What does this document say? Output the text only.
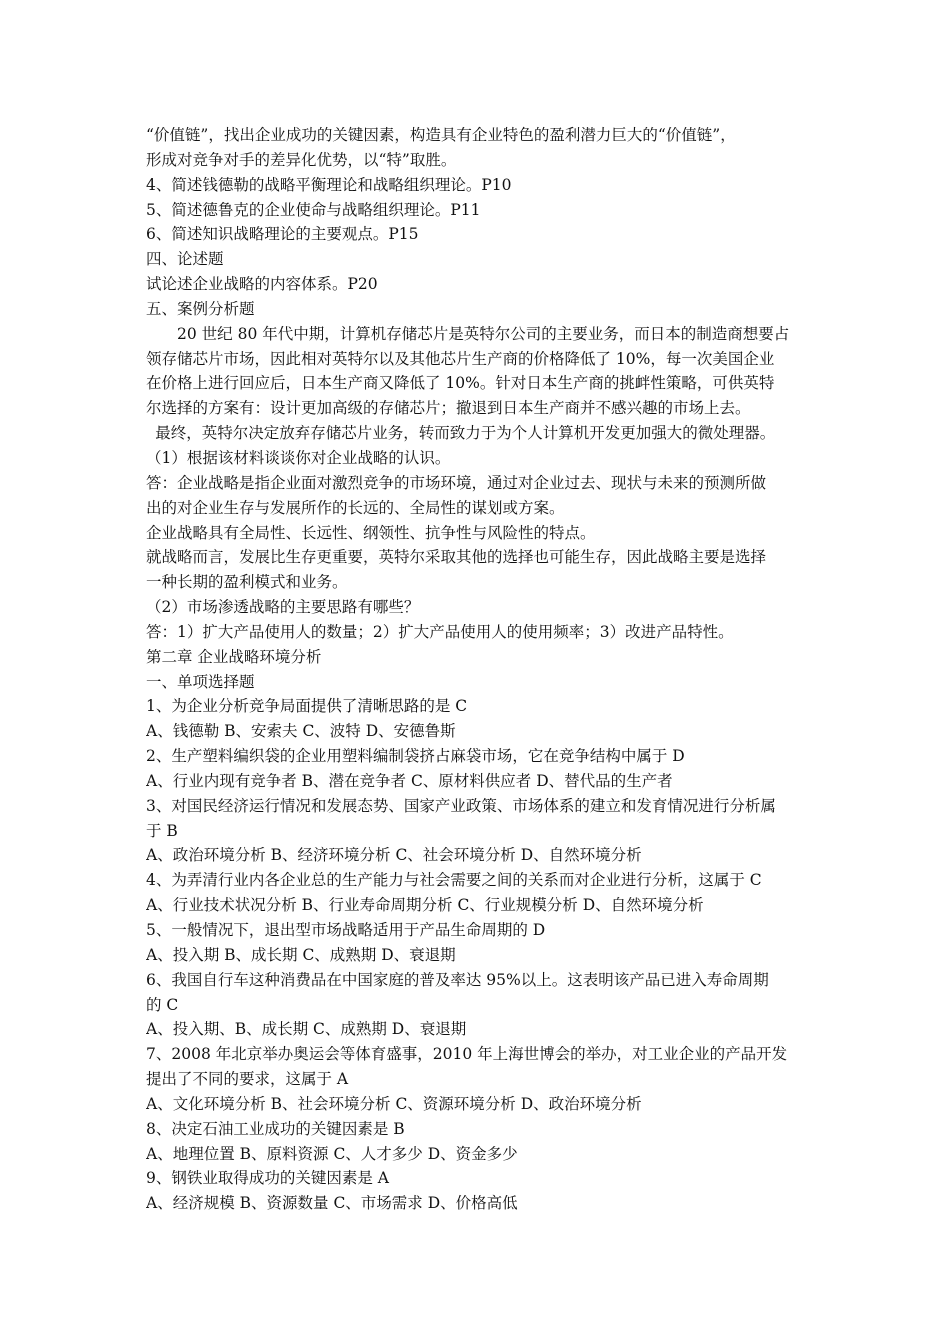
“价值链”，找出企业成功的关键因素，构造具有企业特色的盈利潜力巨大的“价值链”，
形成对竞争对手的差异化优势，以“特”取胜。
4、简述钱德勒的战略平衡理论和战略组织理论。P10
5、简述德鲁克的企业使命与战略组织理论。P11
6、简述知识战略理论的主要观点。P15
四、论述题
试论述企业战略的内容体系。P20
五、案例分析题
20 世纪 80 年代中期，计算机存储芯片是英特尔公司的主要业务，而日本的制造商想要占
领存储芯片市场，因此相对英特尔以及其他芯片生产商的价格降低了 10%，每一次美国企业
在价格上进行回应后，日本生产商又降低了 10%。针对日本生产商的挑衅性策略，可供英特
尔选择的方案有：设计更加高级的存储芯片；撤退到日本生产商并不感兴趣的市场上去。
最终，英特尔决定放弃存储芯片业务，转而致力于为个人计算机开发更加强大的微处理器。
（1）根据该材料谈谈你对企业战略的认识。
答：企业战略是指企业面对激烈竞争的市场环境，通过对企业过去、现状与未来的预测所做
出的对企业生存与发展所作的长远的、全局性的谋划或方案。
企业战略具有全局性、长远性、纲领性、抗争性与风险性的特点。
就战略而言，发展比生存更重要，英特尔采取其他的选择也可能生存，因此战略主要是选择
一种长期的盈利模式和业务。
（2）市场渗透战略的主要思路有哪些？
答：1）扩大产品使用人的数量；2）扩大产品使用人的使用频率；3）改进产品特性。
第二章 企业战略环境分析
一、单项选择题
1、为企业分析竞争局面提供了清晰思路的是 C
A、钱德勒 B、安索夫 C、波特 D、安德鲁斯
2、生产塑料编织袋的企业用塑料编制袋挤占麻袋市场，它在竞争结构中属于 D
A、行业内现有竞争者 B、潜在竞争者 C、原材料供应者 D、替代品的生产者
3、对国民经济运行情况和发展态势、国家产业政策、市场体系的建立和发育情况进行分析属
于 B
A、政治环境分析 B、经济环境分析 C、社会环境分析 D、自然环境分析
4、为弄清行业内各企业总的生产能力与社会需要之间的关系而对企业进行分析，这属于 C
A、行业技术状况分析 B、行业寿命周期分析 C、行业规模分析 D、自然环境分析
5、一般情况下，退出型市场战略适用于产品生命周期的 D
A、投入期 B、成长期 C、成熟期 D、衰退期
6、我国自行车这种消费品在中国家庭的普及率达 95%以上。这表明该产品已进入寿命周期
的 C
A、投入期、B、成长期 C、成熟期 D、衰退期
7、2008 年北京举办奥运会等体育盛事，2010 年上海世博会的举办，对工业企业的产品开发
提出了不同的要求，这属于 A
A、文化环境分析 B、社会环境分析 C、资源环境分析 D、政治环境分析
8、决定石油工业成功的关键因素是 B
A、地理位置 B、原料资源 C、人才多少 D、资金多少
9、钢铁业取得成功的关键因素是 A
A、经济规模 B、资源数量 C、市场需求 D、价格高低
